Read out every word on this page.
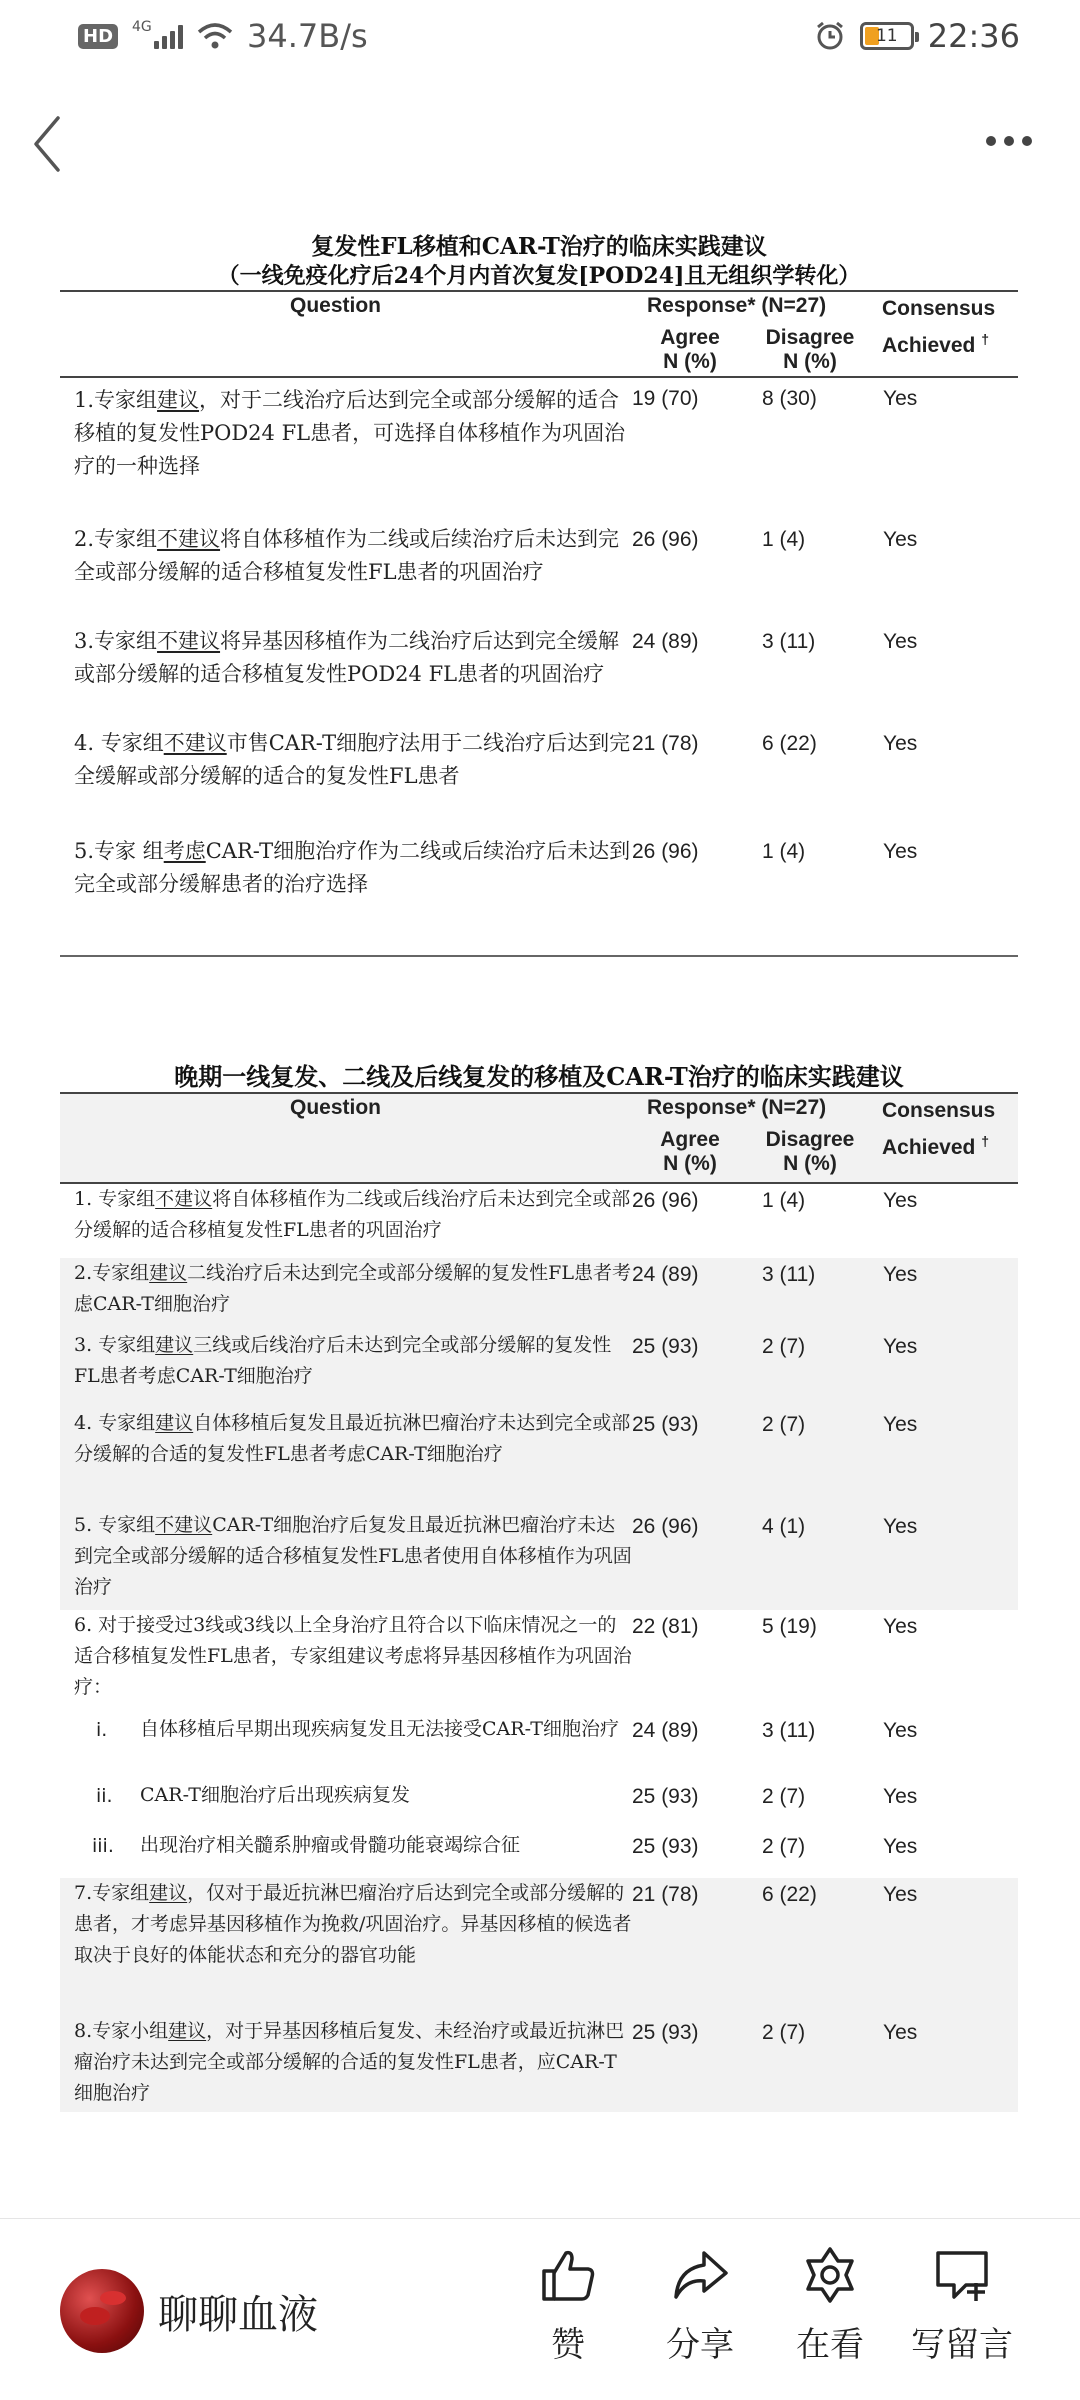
HD	4G	34.7B/s	11 22:36
复发性FL移植和CAR-T治疗的临床实践建议
（一线免疫化疗后24个月内首次复发[POD24]且无组织学转化）
Question	Response* (N=27)
Agree
N (%)
Disagree
N (%)
Consensus
Achieved †
1.专家组建议，对于二线治疗后达到完全或部分缓解的适合移植的复发性POD24 FL患者，可选择自体移植作为巩固治疗的一种选择
19 (70)	8 (30)	Yes
2.专家组不建议将自体移植作为二线或后续治疗后未达到完全或部分缓解的适合移植复发性FL患者的巩固治疗
26 (96)	1 (4)	Yes
3.专家组不建议将异基因移植作为二线治疗后达到完全缓解或部分缓解的适合移植复发性POD24 FL患者的巩固治疗
24 (89)	3 (11)	Yes
4. 专家组不建议市售CAR-T细胞疗法用于二线治疗后达到完全缓解或部分缓解的适合的复发性FL患者
21 (78)	6 (22)	Yes
5.专家 组考虑CAR-T细胞治疗作为二线或后续治疗后未达到完全或部分缓解患者的治疗选择
26 (96)	1 (4)	Yes
晚期一线复发、二线及后线复发的移植及CAR-T治疗的临床实践建议
Question	Response* (N=27)
Agree
N (%)
Disagree
N (%)
Consensus
Achieved †
1. 专家组不建议将自体移植作为二线或后线治疗后未达到完全或部分缓解的适合移植复发性FL患者的巩固治疗
26 (96)	1 (4)	Yes
2.专家组建议二线治疗后未达到完全或部分缓解的复发性FL患者考虑CAR-T细胞治疗
24 (89)	3 (11)	Yes
3. 专家组建议三线或后线治疗后未达到完全或部分缓解的复发性FL患者考虑CAR-T细胞治疗
25 (93)	2 (7)	Yes
4. 专家组建议自体移植后复发且最近抗淋巴瘤治疗未达到完全或部分缓解的合适的复发性FL患者考虑CAR-T细胞治疗
25 (93)	2 (7)	Yes
5. 专家组不建议CAR-T细胞治疗后复发且最近抗淋巴瘤治疗未达到完全或部分缓解的适合移植复发性FL患者使用自体移植作为巩固治疗
26 (96)	4 (1)	Yes
6. 对于接受过3线或3线以上全身治疗且符合以下临床情况之一的适合移植复发性FL患者，专家组建议考虑将异基因移植作为巩固治疗：
22 (81)	5 (19)	Yes
i. 自体移植后早期出现疾病复发且无法接受CAR-T细胞治疗 24 (89)	3 (11)	Yes
ii. CAR-T细胞治疗后出现疾病复发	25 (93)	2 (7)	Yes
iii. 出现治疗相关髓系肿瘤或骨髓功能衰竭综合征	25 (93)	2 (7)	Yes
7.专家组建议，仅对于最近抗淋巴瘤治疗后达到完全或部分缓解的患者，才考虑异基因移植作为挽救/巩固治疗。异基因移植的候选者取决于良好的体能状态和充分的器官功能
21 (78)	6 (22)	Yes
8.专家小组建议，对于异基因移植后复发、未经治疗或最近抗淋巴瘤治疗未达到完全或部分缓解的合适的复发性FL患者，应CAR-T细胞治疗
25 (93)	2 (7)	Yes
聊聊血液
赞	分享	在看	写留言
